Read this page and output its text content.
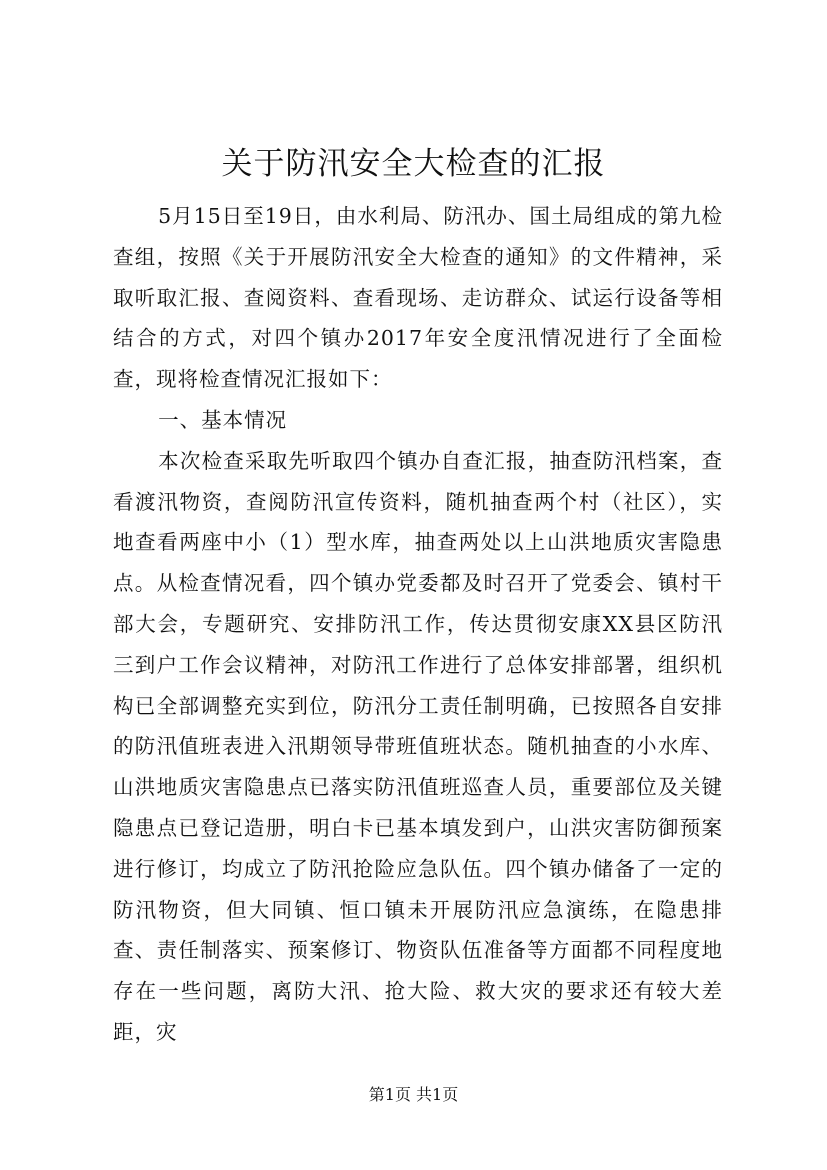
关于防汛安全大检查的汇报

5月15日至19日，由水利局、防汛办、国土局组成的第九检查组，按照《关于开展防汛安全大检查的通知》的文件精神，采取听取汇报、查阅资料、查看现场、走访群众、试运行设备等相结合的方式，对四个镇办2017年安全度汛情况进行了全面检查，现将检查情况汇报如下：

一、基本情况

本次检查采取先听取四个镇办自查汇报，抽查防汛档案，查看渡汛物资，查阅防汛宣传资料，随机抽查两个村（社区），实地查看两座中小（1）型水库，抽查两处以上山洪地质灾害隐患点。从检查情况看，四个镇办党委都及时召开了党委会、镇村干部大会，专题研究、安排防汛工作，传达贯彻安康XX县区防汛三到户工作会议精神，对防汛工作进行了总体安排部署，组织机构已全部调整充实到位，防汛分工责任制明确，已按照各自安排的防汛值班表进入汛期领导带班值班状态。随机抽查的小水库、山洪地质灾害隐患点已落实防汛值班巡查人员，重要部位及关键隐患点已登记造册，明白卡已基本填发到户，山洪灾害防御预案进行修订，均成立了防汛抢险应急队伍。四个镇办储备了一定的防汛物资，但大同镇、恒口镇未开展防汛应急演练，在隐患排查、责任制落实、预案修订、物资队伍准备等方面都不同程度地存在一些问题，离防大汛、抢大险、救大灾的要求还有较大差距，灾

第1页 共1页
